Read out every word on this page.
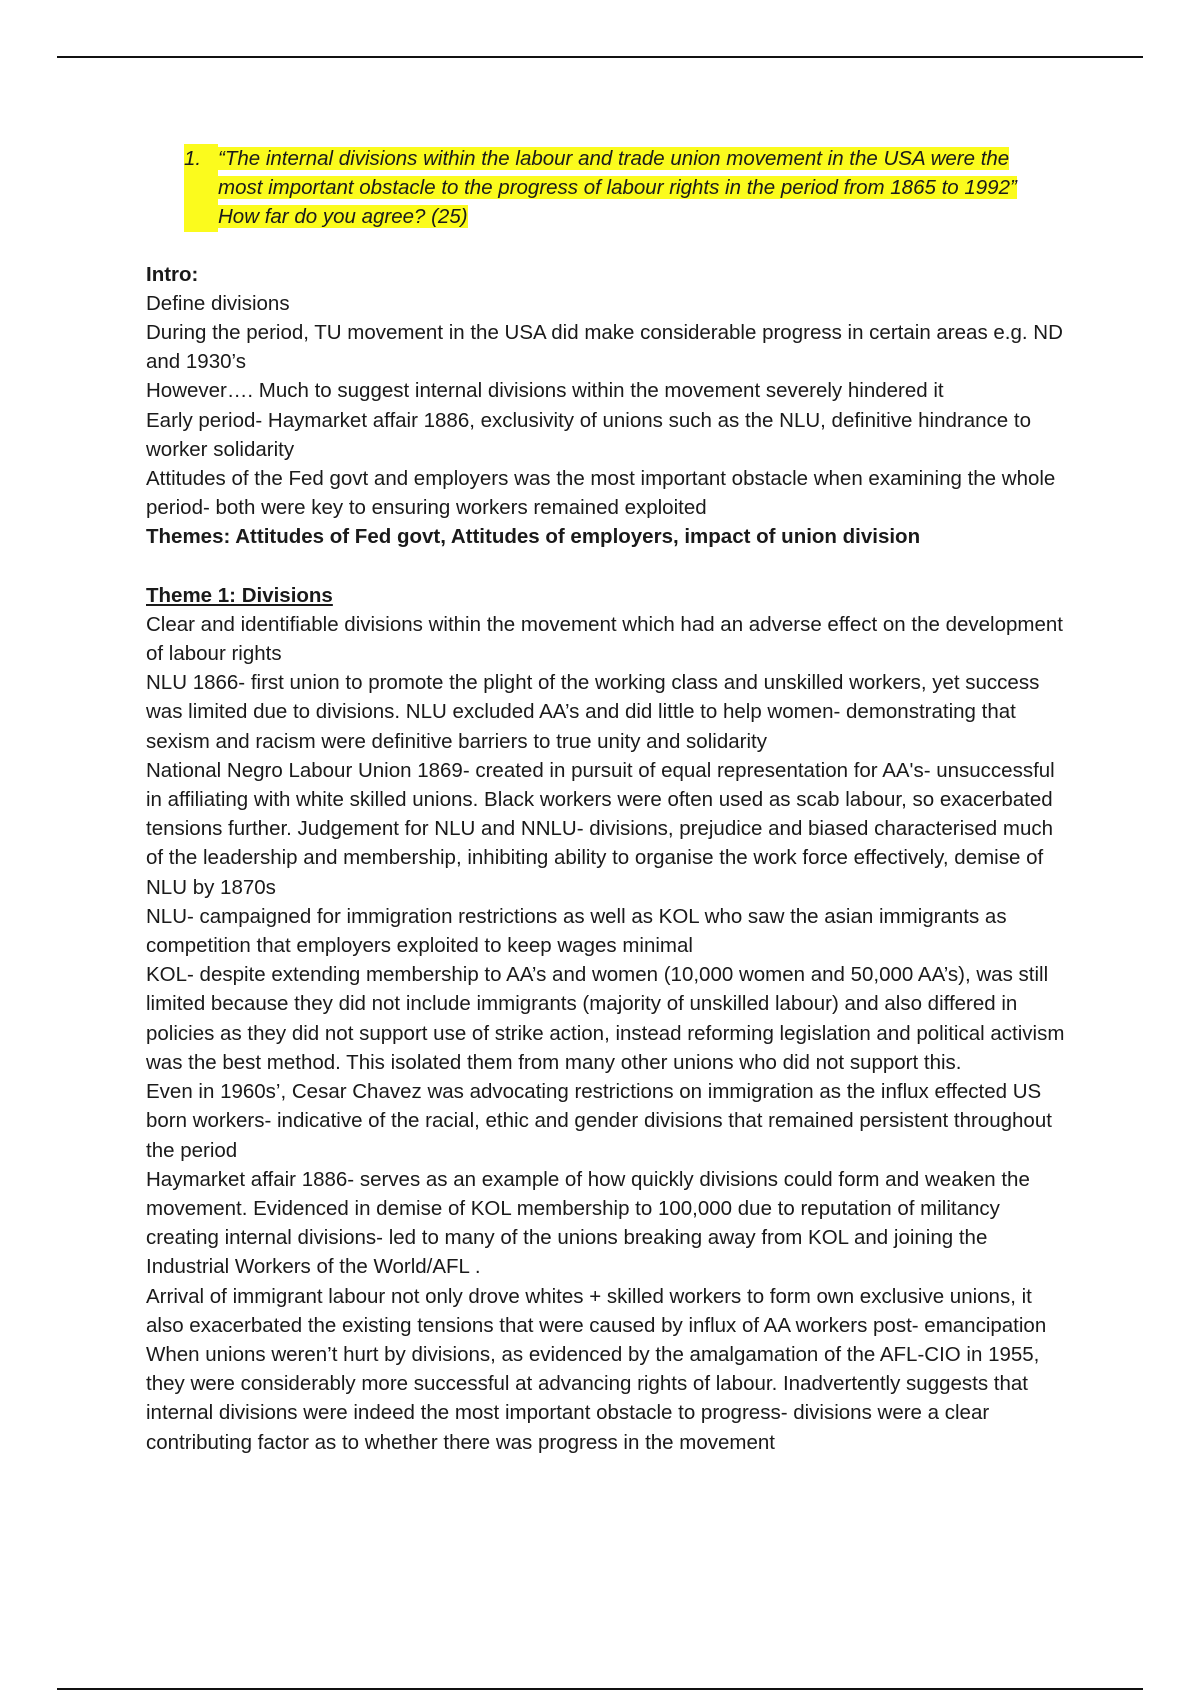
1. “The internal divisions within the labour and trade union movement in the USA were the most important obstacle to the progress of labour rights in the period from 1865 to 1992” How far do you agree? (25)

Intro:

Define divisions

During the period, TU movement in the USA did make considerable progress in certain areas e.g. ND and 1930’s

However…. Much to suggest internal divisions within the movement severely hindered it

Early period- Haymarket affair 1886, exclusivity of unions such as the NLU, definitive hindrance to worker solidarity

Attitudes of the Fed govt and employers was the most important obstacle when examining the whole period- both were key to ensuring workers remained exploited

Themes: Attitudes of Fed govt, Attitudes of employers, impact of union division

Theme 1: Divisions

Clear and identifiable divisions within the movement which had an adverse effect on the development of labour rights

NLU 1866- first union to promote the plight of the working class and unskilled workers, yet success was limited due to divisions. NLU excluded AA’s and did little to help women- demonstrating that sexism and racism were definitive barriers to true unity and solidarity

National Negro Labour Union 1869- created in pursuit of equal representation for AA's- unsuccessful in affiliating with white skilled unions. Black workers were often used as scab labour, so exacerbated tensions further. Judgement for NLU and NNLU- divisions, prejudice and biased characterised much of the leadership and membership, inhibiting ability to organise the work force effectively, demise of NLU by 1870s

NLU- campaigned for immigration restrictions as well as KOL who saw the asian immigrants as competition that employers exploited to keep wages minimal

KOL- despite extending membership to AA’s and women (10,000 women and 50,000 AA’s), was still limited because they did not include immigrants (majority of unskilled labour) and also differed in policies as they did not support use of strike action, instead reforming legislation and political activism was the best method. This isolated them from many other unions who did not support this.

Even in 1960s’, Cesar Chavez was advocating restrictions on immigration as the influx effected US born workers- indicative of the racial, ethic and gender divisions that remained persistent throughout the period

Haymarket affair 1886- serves as an example of how quickly divisions could form and weaken the movement. Evidenced in demise of KOL membership to 100,000 due to reputation of militancy creating internal divisions- led to many of the unions breaking away from KOL and joining the Industrial Workers of the World/AFL .

Arrival of immigrant labour not only drove whites + skilled workers to form own exclusive unions, it also exacerbated the existing tensions that were caused by influx of AA workers post- emancipation

When unions weren’t hurt by divisions, as evidenced by the amalgamation of the AFL-CIO in 1955, they were considerably more successful at advancing rights of labour. Inadvertently suggests that internal divisions were indeed the most important obstacle to progress- divisions were a clear contributing factor as to whether there was progress in the movement
